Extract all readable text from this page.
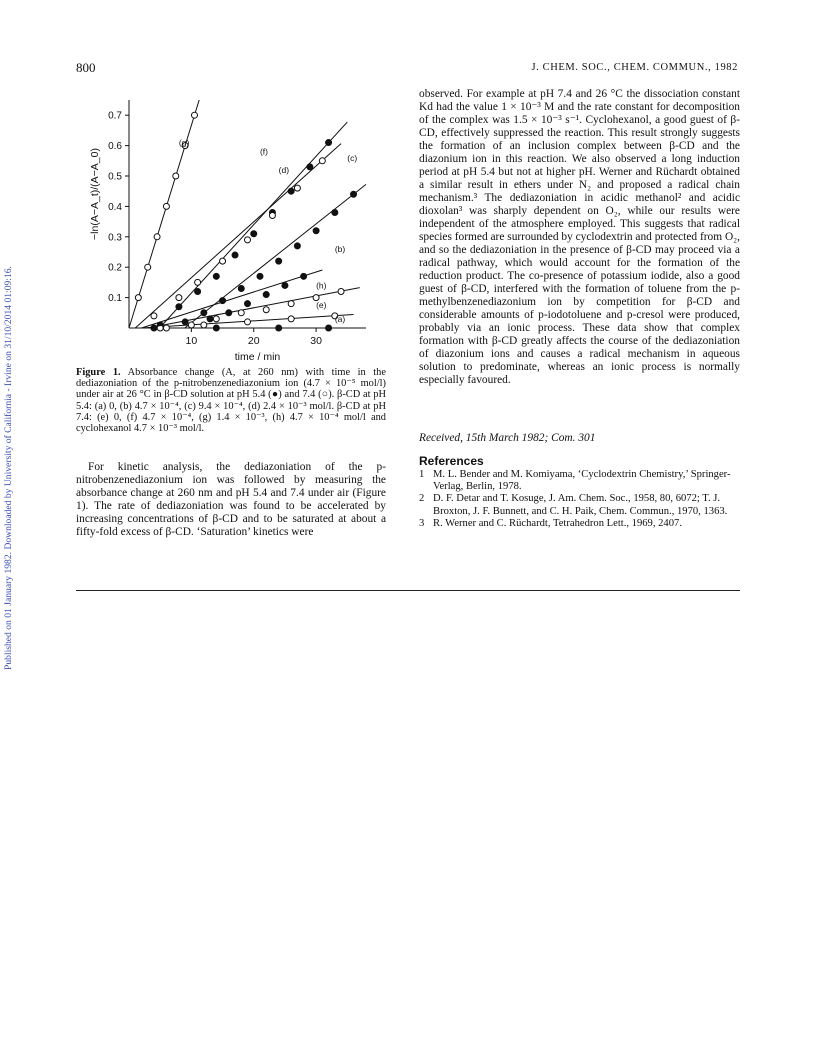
Published on 01 January 1982. Downloaded by University of California - Irvine on 31/10/2014 01:09:16.
800	J. CHEM. SOC., CHEM. COMMUN., 1982
0.1
0.2
0.3
0.4
0.5
0.6
0.7
10	20	30
time / min
−ln(A−A_t)/(A−A_0)
(a)
(b)
(c)
(d)
(e)
(f)
(g)
(h)
Figure 1. Absorbance change (A, at 260 nm) with time in the dediazoniation of the p-nitrobenzenediazonium ion (4.7 × 10⁻⁵ mol/l) under air at 26 °C in β-CD solution at pH 5.4 (●) and 7.4 (○). β-CD at pH 5.4: (a) 0, (b) 4.7 × 10⁻⁴, (c) 9.4 × 10⁻⁴, (d) 2.4 × 10⁻³ mol/l. β-CD at pH 7.4: (e) 0, (f) 4.7 × 10⁻⁴, (g) 1.4 × 10⁻³, (h) 4.7 × 10⁻⁴ mol/l and cyclohexanol 4.7 × 10⁻³ mol/l.
For kinetic analysis, the dediazoniation of the p-nitrobenzenediazonium ion was followed by measuring the absorbance change at 260 nm and pH 5.4 and 7.4 under air (Figure 1). The rate of dediazoniation was found to be accelerated by increasing concentrations of β-CD and to be saturated at about a fifty-fold excess of β-CD. ‘Saturation’ kinetics were
observed. For example at pH 7.4 and 26 °C the dissociation constant Kd had the value 1 × 10⁻³ M and the rate constant for decomposition of the complex was 1.5 × 10⁻³ s⁻¹. Cyclohexanol, a good guest of β-CD, effectively suppressed the reaction. This result strongly suggests the formation of an inclusion complex between β-CD and the diazonium ion in this reaction. We also observed a long induction period at pH 5.4 but not at higher pH. Werner and Rüchardt obtained a similar result in ethers under N₂ and proposed a radical chain mechanism.³ The dediazoniation in acidic methanol² and acidic dioxolan³ was sharply dependent on O₂, while our results were independent of the atmosphere employed. This suggests that radical species formed are surrounded by cyclodextrin and protected from O₂, and so the dediazoniation in the presence of β-CD may proceed via a radical pathway, which would account for the formation of the reduction product. The co-presence of potassium iodide, also a good guest of β-CD, interfered with the formation of toluene from the p-methylbenzenediazonium ion by competition for β-CD and considerable amounts of p-iodotoluene and p-cresol were produced, probably via an ionic process. These data show that complex formation with β-CD greatly affects the course of the dediazoniation of diazonium ions and causes a radical mechanism in aqueous solution to predominate, whereas an ionic process is normally especially favoured.
Received, 15th March 1982; Com. 301
References
1 M. L. Bender and M. Komiyama, ‘Cyclodextrin Chemistry,’ Springer-Verlag, Berlin, 1978.
2 D. F. Detar and T. Kosuge, J. Am. Chem. Soc., 1958, 80, 6072; T. J. Broxton, J. F. Bunnett, and C. H. Paik, Chem. Commun., 1970, 1363.
3 R. Werner and C. Rüchardt, Tetrahedron Lett., 1969, 2407.
